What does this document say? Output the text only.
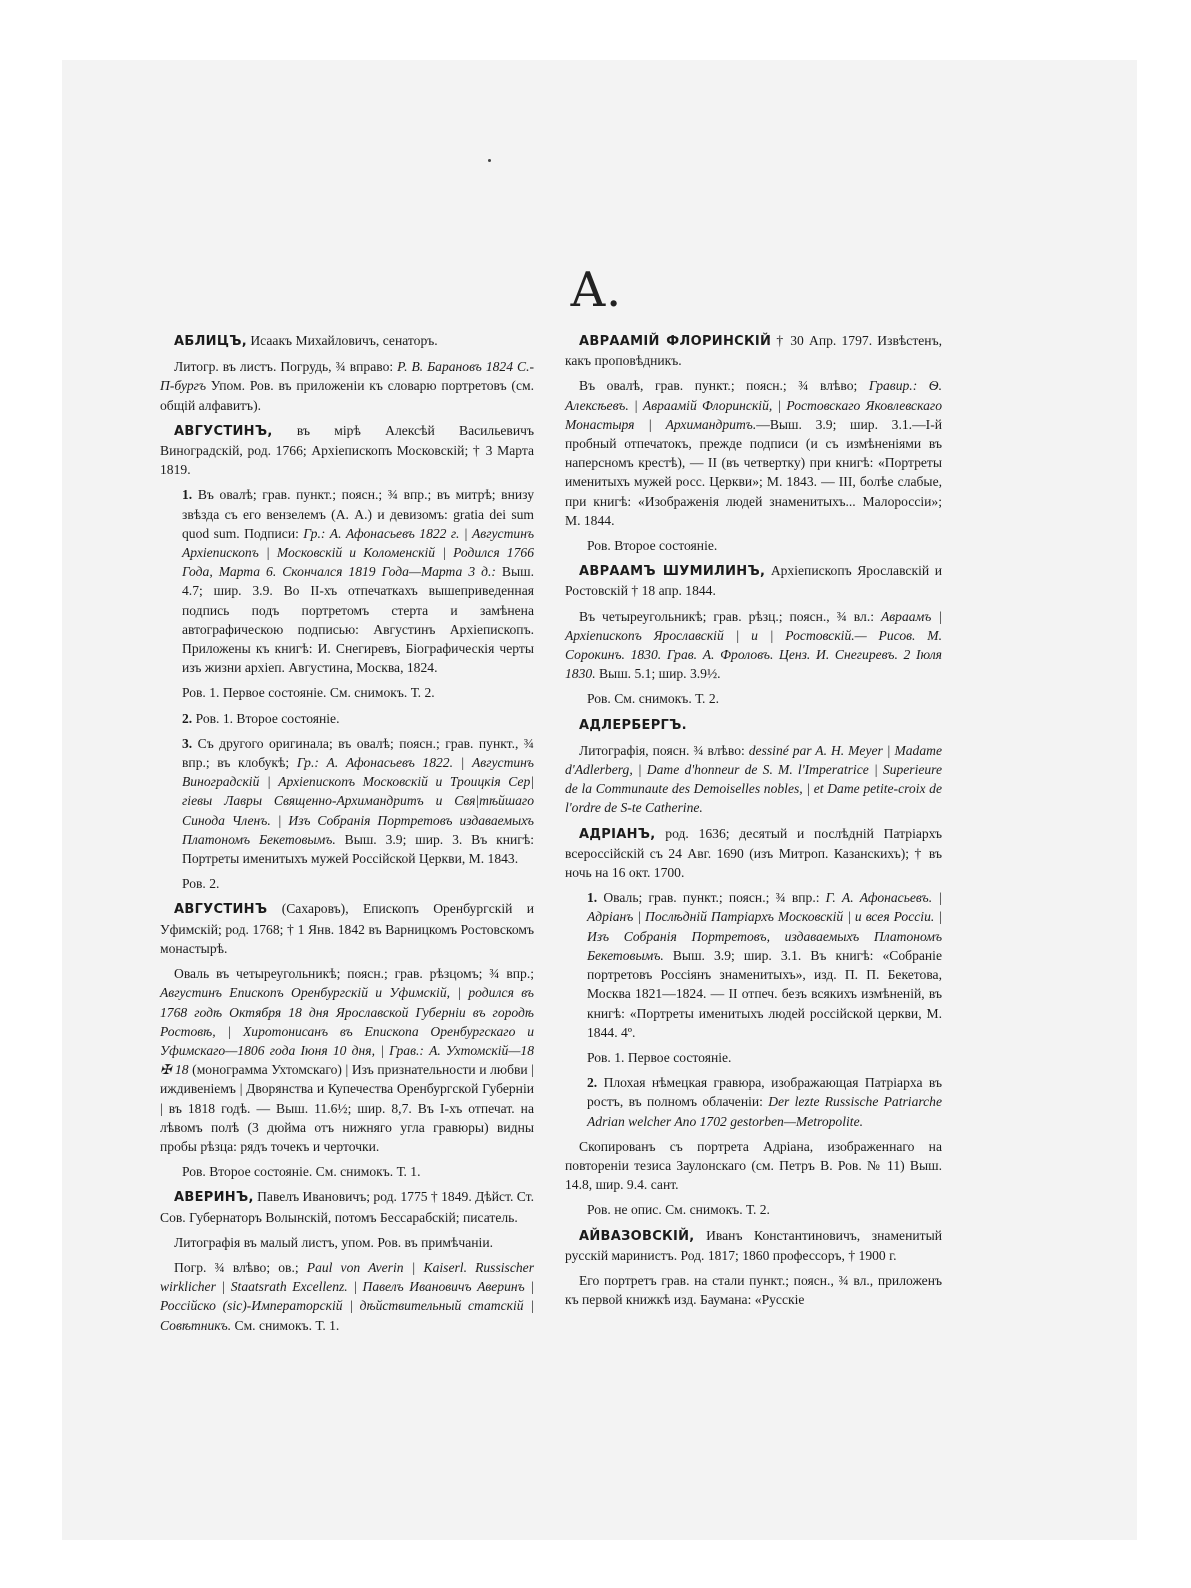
А.

АБЛИЦЪ, Исаакъ Михайловичъ, сенаторъ.

Литогр. въ листъ. Погрудь, ¾ вправо: Р. В. Барановъ 1824 С.-П-бургъ Упом. Ров. въ приложеніи къ словарю портретовъ (см. общій алфавитъ).

АВГУСТИНЪ, въ мірѣ Алексѣй Васильевичъ Виноградскій, род. 1766; Архіепископъ Московскій; † 3 Марта 1819.

1. Въ овалѣ; грав. пункт.; поясн.; ¾ впр.; въ митрѣ; внизу звѣзда съ его вензелемъ (А. А.) и девизомъ: gratia dei sum quod sum. Подписи: Гр.: А. Афонасьевъ 1822 г. | Августинъ Архіепископъ | Московскій и Коломенскій | Родился 1766 Года, Марта 6. Скончался 1819 Года—Марта 3 д.: Выш. 4.7; шир. 3.9. Во II-хъ отпечаткахъ вышеприведенная подпись подъ портретомъ стерта и замѣнена автографическою подписью: Августинъ Архіепископъ. Приложены къ книгѣ: И. Снегиревъ, Біографическія черты изъ жизни архіеп. Августина, Москва, 1824.

Ров. 1. Первое состояніе. См. снимокъ. Т. 2.

2. Ров. 1. Второе состояніе.

3. Съ другого оригинала; въ овалѣ; поясн.; грав. пункт., ¾ впр.; въ клобукѣ; Гр.: А. Афонасьевъ 1822. | Августинъ Виноградскій | Архіепископъ Московскій и Троицкія Сер|гіевы Лавры Священно-Архимандритъ и Свя|тѣйшаго Синода Членъ. | Изъ Собранія Портретовъ издаваемыхъ Платономъ Бекетовымъ. Выш. 3.9; шир. 3. Въ книгѣ: Портреты именитыхъ мужей Россійской Церкви, М. 1843.

Ров. 2.

АВГУСТИНЪ (Сахаровъ), Епископъ Оренбургскій и Уфимскій; род. 1768; † 1 Янв. 1842 въ Варницкомъ Ростовскомъ монастырѣ.

Оваль въ четыреугольникѣ; поясн.; грав. рѣзцомъ; ¾ впр.; Августинъ Епископъ Оренбургскій и Уфимскій, | родился въ 1768 годѣ Октября 18 дня Ярославской Губерніи въ городѣ Ростовѣ, | Хиротонисанъ въ Епископа Оренбургскаго и Уфимскаго—1806 года Іюня 10 дня, | Грав.: А. Ухтомскій—18 ✠ 18 (монограмма Ухтомскаго) | Изъ признательности и любви | иждивеніемъ | Дворянства и Купечества Оренбургской Губерніи | въ 1818 годѣ. — Выш. 11.6½; шир. 8,7. Въ І-хъ отпечат. на лѣвомъ полѣ (3 дюйма отъ нижняго угла гравюры) видны пробы рѣзца: рядъ точекъ и черточки.

Ров. Второе состояніе. См. снимокъ. Т. 1.

АВЕРИНЪ, Павелъ Ивановичъ; род. 1775 † 1849. Дѣйст. Ст. Сов. Губернаторъ Волынскій, потомъ Бессарабскій; писатель.

Литографія въ малый листъ, упом. Ров. въ примѣчаніи.

Погр. ¾ влѣво; ов.; Paul von Averin | Kaiserl. Russischer wirklicher | Staatsrath Excellenz. | Павелъ Ивановичъ Аверинъ | Россійско (sic)-Императорскій | дѣйствительный статскій | Совѣтникъ. См. снимокъ. Т. 1.

АВРААМІЙ ФЛОРИНСКІЙ † 30 Апр. 1797. Извѣстенъ, какъ проповѣдникъ.

Въ овалѣ, грав. пункт.; поясн.; ¾ влѣво; Гравир.: Ѳ. Алексѣевъ. | Авраамій Флоринскій, | Ростовскаго Яковлевскаго Монастыря | Архимандритъ.—Выш. 3.9; шир. 3.1.—І-й пробный отпечатокъ, прежде подписи (и съ измѣненіями въ наперсномъ крестѣ), — II (въ четвертку) при книгѣ: «Портреты именитыхъ мужей росс. Церкви»; М. 1843. — III, болѣе слабые, при книгѣ: «Изображенія людей знаменитыхъ... Малороссіи»; М. 1844.

Ров. Второе состояніе.

АВРААМЪ ШУМИЛИНЪ, Архіепископъ Ярославскій и Ростовскій † 18 апр. 1844.

Въ четыреугольникѣ; грав. рѣзц.; поясн., ¾ вл.: Авраамъ | Архіепископъ Ярославскій | и | Ростовскій.— Рисов. М. Сорокинъ. 1830. Грав. А. Фроловъ. Ценз. И. Снегиревъ. 2 Іюля 1830. Выш. 5.1; шир. 3.9½.

Ров. См. снимокъ. Т. 2.

АДЛЕРБЕРГЪ.

Литографія, поясн. ¾ влѣво: dessiné par A. H. Meyer | Madame d'Adlerberg, | Dame d'honneur de S. M. l'Imperatrice | Superieure de la Communaute des Demoiselles nobles, | et Dame petite-croix de l'ordre de S-te Catherine.

АДРІАНЪ, род. 1636; десятый и послѣдній Патріархъ всероссійскій съ 24 Авг. 1690 (изъ Митроп. Казанскихъ); † въ ночь на 16 окт. 1700.

1. Оваль; грав. пункт.; поясн.; ¾ впр.: Г. А. Афонасьевъ. | Адріанъ | Послѣдній Патріархъ Московскій | и всея Россіи. | Изъ Собранія Портретовъ, издаваемыхъ Платономъ Бекетовымъ. Выш. 3.9; шир. 3.1. Въ книгѣ: «Собраніе портретовъ Россіянъ знаменитыхъ», изд. П. П. Бекетова, Москва 1821—1824. — II отпеч. безъ всякихъ измѣненій, въ книгѣ: «Портреты именитыхъ людей россійской церкви, М. 1844. 4º.

Ров. 1. Первое состояніе.

2. Плохая нѣмецкая гравюра, изображающая Патріарха въ ростъ, въ полномъ облаченіи: Der lezte Russische Patriarche Adrian welcher Ano 1702 gestorben—Metropolite.

Скопированъ съ портрета Адріана, изображеннаго на повтореніи тезиса Заулонскаго (см. Петръ В. Ров. № 11) Выш. 14.8, шир. 9.4. сант.

Ров. не опис. См. снимокъ. Т. 2.

АЙВАЗОВСКІЙ, Иванъ Константиновичъ, знаменитый русскій маринистъ. Род. 1817; 1860 профессоръ, † 1900 г.

Его портретъ грав. на стали пункт.; поясн., ¾ вл., приложенъ къ первой книжкѣ изд. Баумана: «Русскіе
